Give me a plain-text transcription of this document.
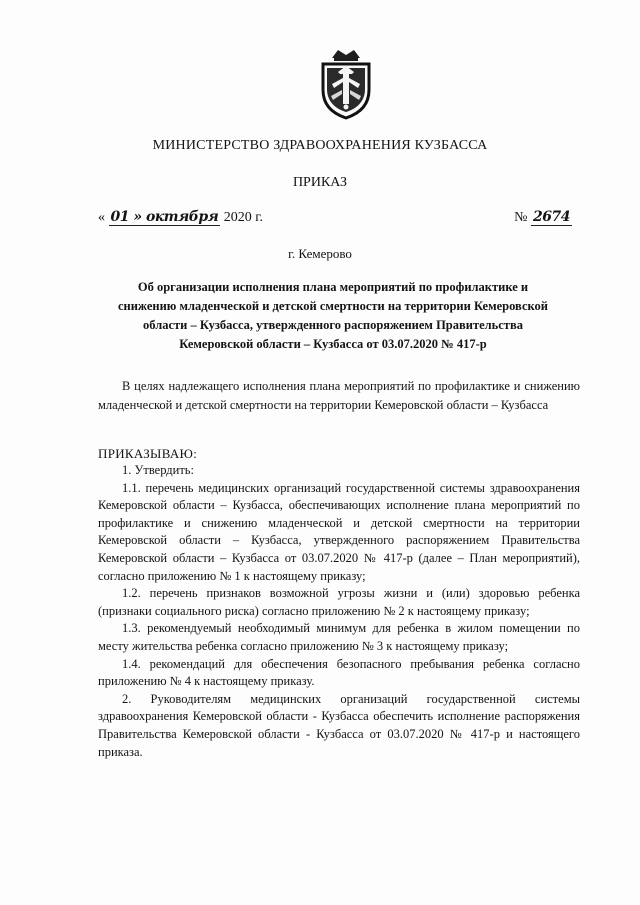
МИНИСТЕРСТВО ЗДРАВООХРАНЕНИЯ КУЗБАССА
ПРИКАЗ
« 01 » октября 2020 г.	№ 2674
г. Кемерово
Об организации исполнения плана мероприятий по профилактике и снижению младенческой и детской смертности на территории Кемеровской области – Кузбасса, утвержденного распоряжением Правительства Кемеровской области – Кузбасса от 03.07.2020 № 417-р
В целях надлежащего исполнения плана мероприятий по профилактике и снижению младенческой и детской смертности на территории Кемеровской области – Кузбасса
ПРИКАЗЫВАЮ:

1. Утвердить:

1.1. перечень медицинских организаций государственной системы здравоохранения Кемеровской области – Кузбасса, обеспечивающих исполнение плана мероприятий по профилактике и снижению младенческой и детской смертности на территории Кемеровской области – Кузбасса, утвержденного распоряжением Правительства Кемеровской области – Кузбасса от 03.07.2020 № 417-р (далее – План мероприятий), согласно приложению № 1 к настоящему приказу;

1.2. перечень признаков возможной угрозы жизни и (или) здоровью ребенка (признаки социального риска) согласно приложению № 2 к настоящему приказу;

1.3. рекомендуемый необходимый минимум для ребенка в жилом помещении по месту жительства ребенка согласно приложению № 3 к настоящему приказу;

1.4. рекомендаций для обеспечения безопасного пребывания ребенка согласно приложению № 4 к настоящему приказу.

2. Руководителям медицинских организаций государственной системы здравоохранения Кемеровской области - Кузбасса обеспечить исполнение распоряжения Правительства Кемеровской области - Кузбасса от 03.07.2020 № 417-р и настоящего приказа.
